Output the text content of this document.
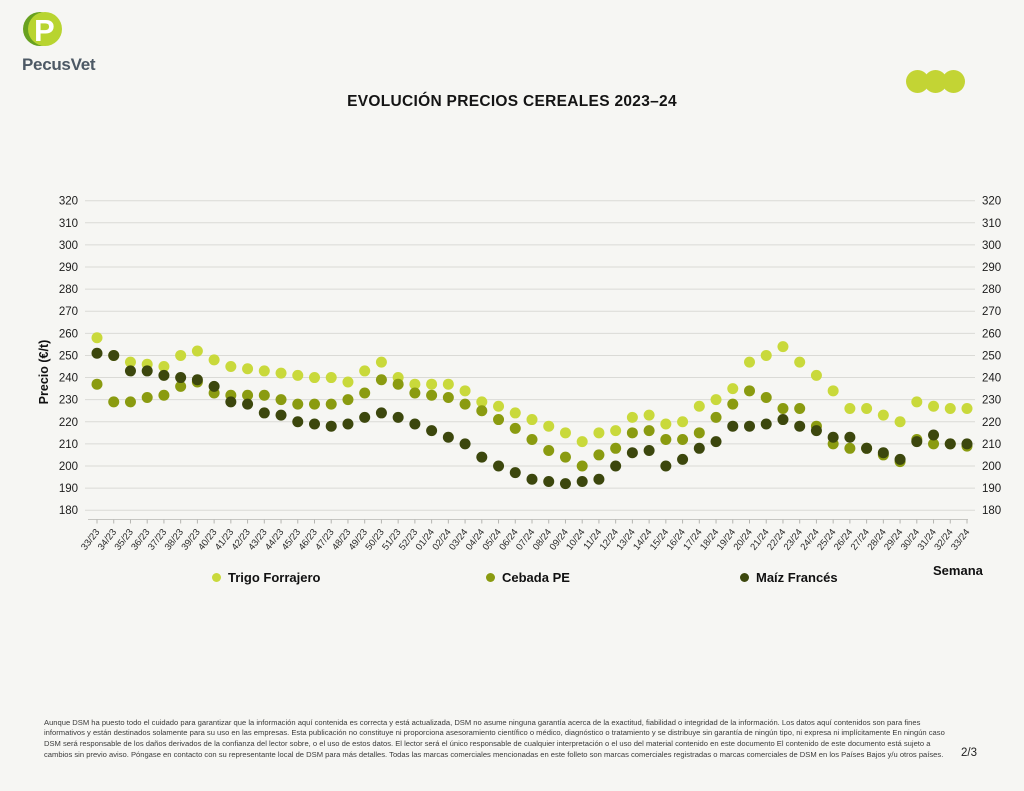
P
PecusVet
EVOLUCIÓN PRECIOS CEREALES 2023–24
180	180
190	190
200	200
210	210
220	220
230	230
240	240
250	250
260	260
270	270
280	280
290	290
300	300
310	310
320	320
33/23
34/23
35/23
36/23
37/23
38/23
39/23
40/23
41/23
42/23
43/23
44/23
45/23
46/23
47/23
48/23
49/23
50/23
51/23
52/23
01/24
02/24
03/24
04/24
05/24
06/24
07/24
08/24
09/24
10/24
11/24
12/24
13/24
14/24
15/24
16/24
17/24
18/24
19/24
20/24
21/24
22/24
23/24
24/24
25/24
26/24
27/24
28/24
29/24
30/24
31/24
32/24
33/24
Precio (€/t)
Semana
Trigo Forrajero	Cebada PE	Maíz Francés

Aunque DSM ha puesto todo el cuidado para garantizar que la información aquí contenida es correcta y está actualizada, DSM no asume ninguna garantía acerca de la exactitud, fiabilidad o integridad de la información. Los datos aquí contenidos son para fines informativos y están destinados solamente para su uso en las empresas. Esta publicación no constituye ni proporciona asesoramiento científico o médico, diagnóstico o tratamiento y se distribuye sin garantía de ningún tipo, ni expresa ni implícitamente En ningún caso DSM será responsable de los daños derivados de la confianza del lector sobre, o el uso de estos datos. El lector será el único responsable de cualquier interpretación o el uso del material contenido en este documento El contenido de este documento está sujeto a cambios sin previo aviso. Póngase en contacto con su representante local de DSM para más detalles. Todas las marcas comerciales mencionadas en este folleto son marcas comerciales registradas o marcas comerciales de DSM en los Países Bajos y/u otros países.	2/3
